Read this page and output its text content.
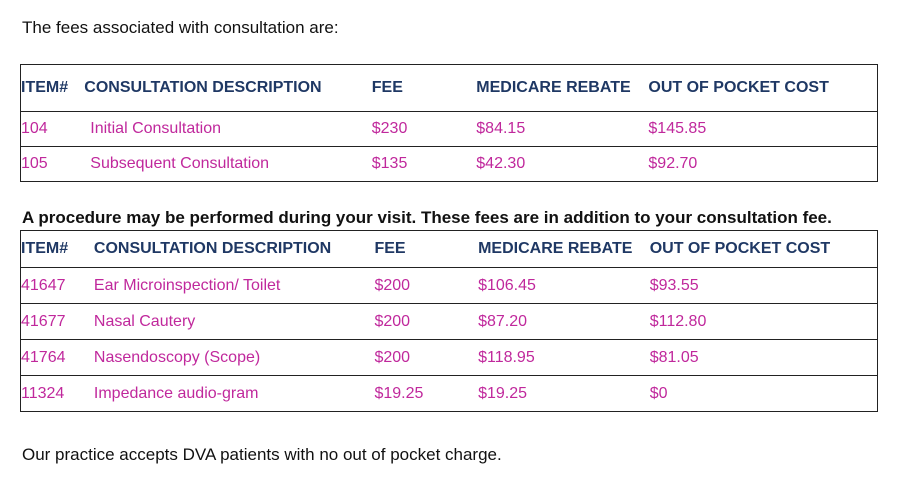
The fees associated with consultation are:
ITEM#	CONSULTATION DESCRIPTION	FEE	MEDICARE REBATE	OUT OF POCKET COST
104	Initial Consultation	$230	$84.15	$145.85
105	Subsequent Consultation	$135	$42.30	$92.70
A procedure may be performed during your visit. These fees are in addition to your consultation fee.
ITEM#	CONSULTATION DESCRIPTION	FEE	MEDICARE REBATE	OUT OF POCKET COST
41647	Ear Microinspection/ Toilet	$200	$106.45	$93.55
41677	Nasal Cautery	$200	$87.20	$112.80
41764	Nasendoscopy (Scope)	$200	$118.95	$81.05
11324	Impedance audio-gram	$19.25	$19.25	$0
Our practice accepts DVA patients with no out of pocket charge.
